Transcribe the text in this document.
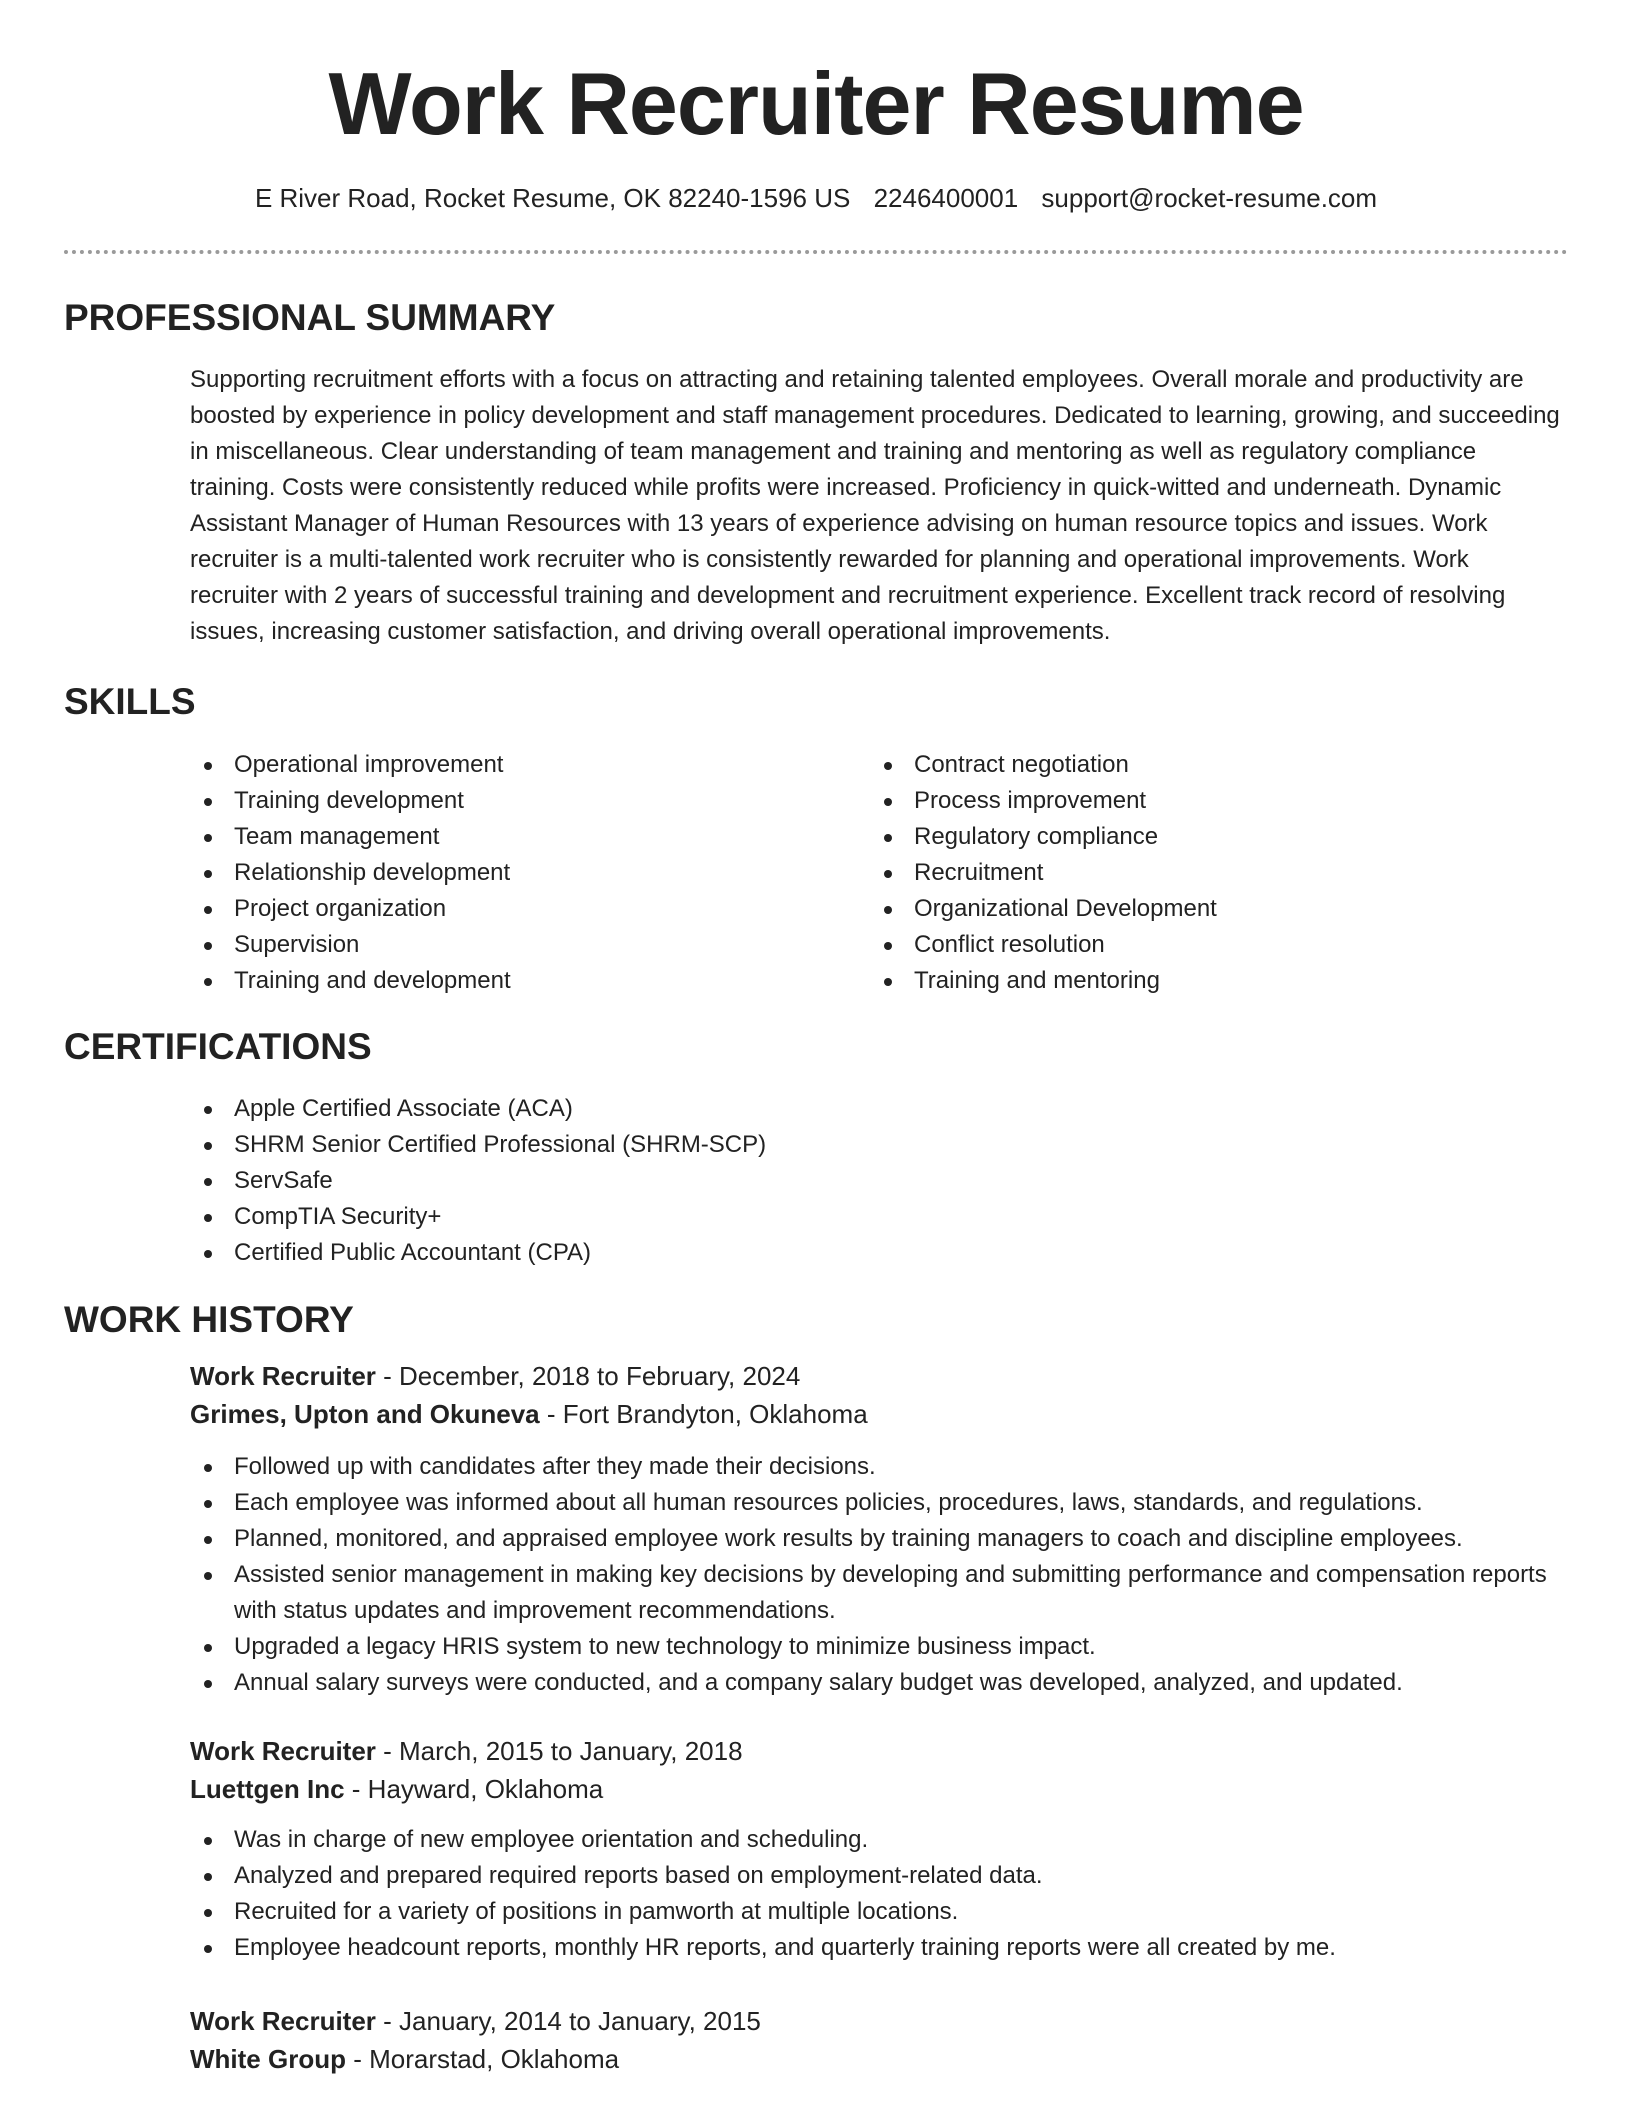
Work Recruiter Resume
E River Road, Rocket Resume, OK 82240-1596 US 2246400001 support@rocket-resume.com
PROFESSIONAL SUMMARY

Supporting recruitment efforts with a focus on attracting and retaining talented employees. Overall morale and productivity are boosted by experience in policy development and staff management procedures. Dedicated to learning, growing, and succeeding in miscellaneous. Clear understanding of team management and training and mentoring as well as regulatory compliance training. Costs were consistently reduced while profits were increased. Proficiency in quick-witted and underneath. Dynamic Assistant Manager of Human Resources with 13 years of experience advising on human resource topics and issues. Work recruiter is a multi-talented work recruiter who is consistently rewarded for planning and operational improvements. Work recruiter with 2 years of successful training and development and recruitment experience. Excellent track record of resolving issues, increasing customer satisfaction, and driving overall operational improvements.

SKILLS
Operational improvement
Training development
Team management
Relationship development
Project organization
Supervision
Training and development
Contract negotiation
Process improvement
Regulatory compliance
Recruitment
Organizational Development
Conflict resolution
Training and mentoring
CERTIFICATIONS
Apple Certified Associate (ACA)
SHRM Senior Certified Professional (SHRM-SCP)
ServSafe
CompTIA Security+
Certified Public Accountant (CPA)
WORK HISTORY
Work Recruiter - December, 2018 to February, 2024
Grimes, Upton and Okuneva - Fort Brandyton, Oklahoma
Followed up with candidates after they made their decisions.
Each employee was informed about all human resources policies, procedures, laws, standards, and regulations.
Planned, monitored, and appraised employee work results by training managers to coach and discipline employees.
Assisted senior management in making key decisions by developing and submitting performance and compensation reports with status updates and improvement recommendations.
Upgraded a legacy HRIS system to new technology to minimize business impact.
Annual salary surveys were conducted, and a company salary budget was developed, analyzed, and updated.
Work Recruiter - March, 2015 to January, 2018
Luettgen Inc - Hayward, Oklahoma
Was in charge of new employee orientation and scheduling.
Analyzed and prepared required reports based on employment-related data.
Recruited for a variety of positions in pamworth at multiple locations.
Employee headcount reports, monthly HR reports, and quarterly training reports were all created by me.
Work Recruiter - January, 2014 to January, 2015
White Group - Morarstad, Oklahoma
